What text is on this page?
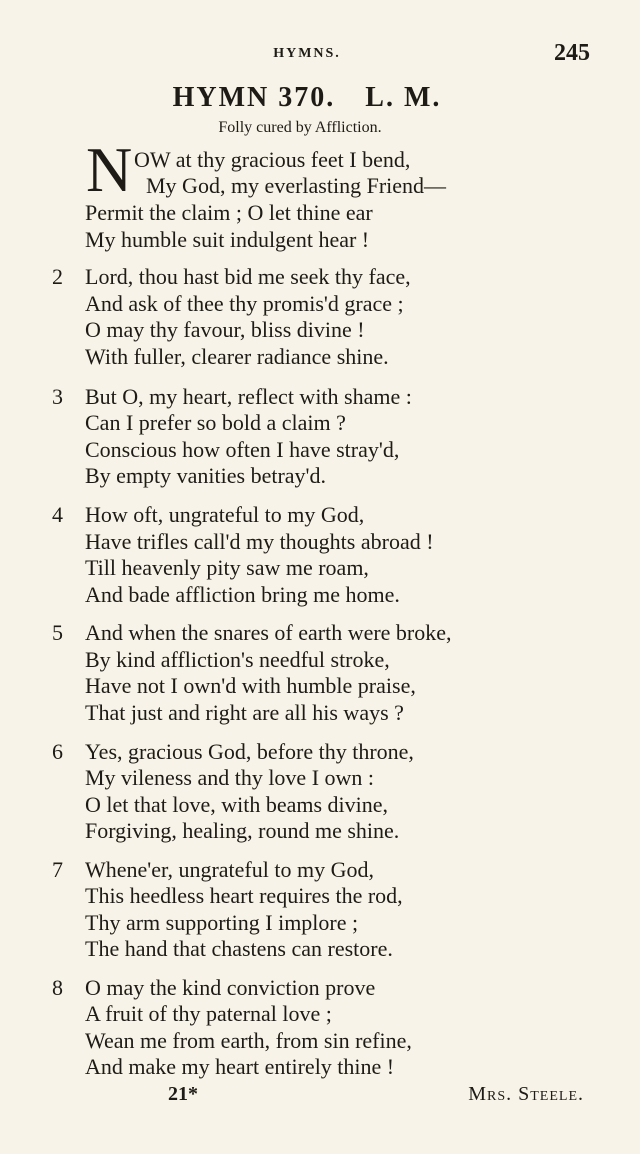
HYMNS.	245
HYMN 370. L. M.
Folly cured by Affliction.
N OW at thy gracious feet I bend,
My God, my everlasting Friend—
Permit the claim ; O let thine ear
My humble suit indulgent hear !
2 Lord, thou hast bid me seek thy face,
And ask of thee thy promis'd grace ;
O may thy favour, bliss divine !
With fuller, clearer radiance shine.
3 But O, my heart, reflect with shame :
Can I prefer so bold a claim ?
Conscious how often I have stray'd,
By empty vanities betray'd.
4 How oft, ungrateful to my God,
Have trifles call'd my thoughts abroad !
Till heavenly pity saw me roam,
And bade affliction bring me home.
5 And when the snares of earth were broke,
By kind affliction's needful stroke,
Have not I own'd with humble praise,
That just and right are all his ways ?
6 Yes, gracious God, before thy throne,
My vileness and thy love I own :
O let that love, with beams divine,
Forgiving, healing, round me shine.
7 Whene'er, ungrateful to my God,
This heedless heart requires the rod,
Thy arm supporting I implore ;
The hand that chastens can restore.
8 O may the kind conviction prove
A fruit of thy paternal love ;
Wean me from earth, from sin refine,
And make my heart entirely thine !
21*	Mrs. Steele.
